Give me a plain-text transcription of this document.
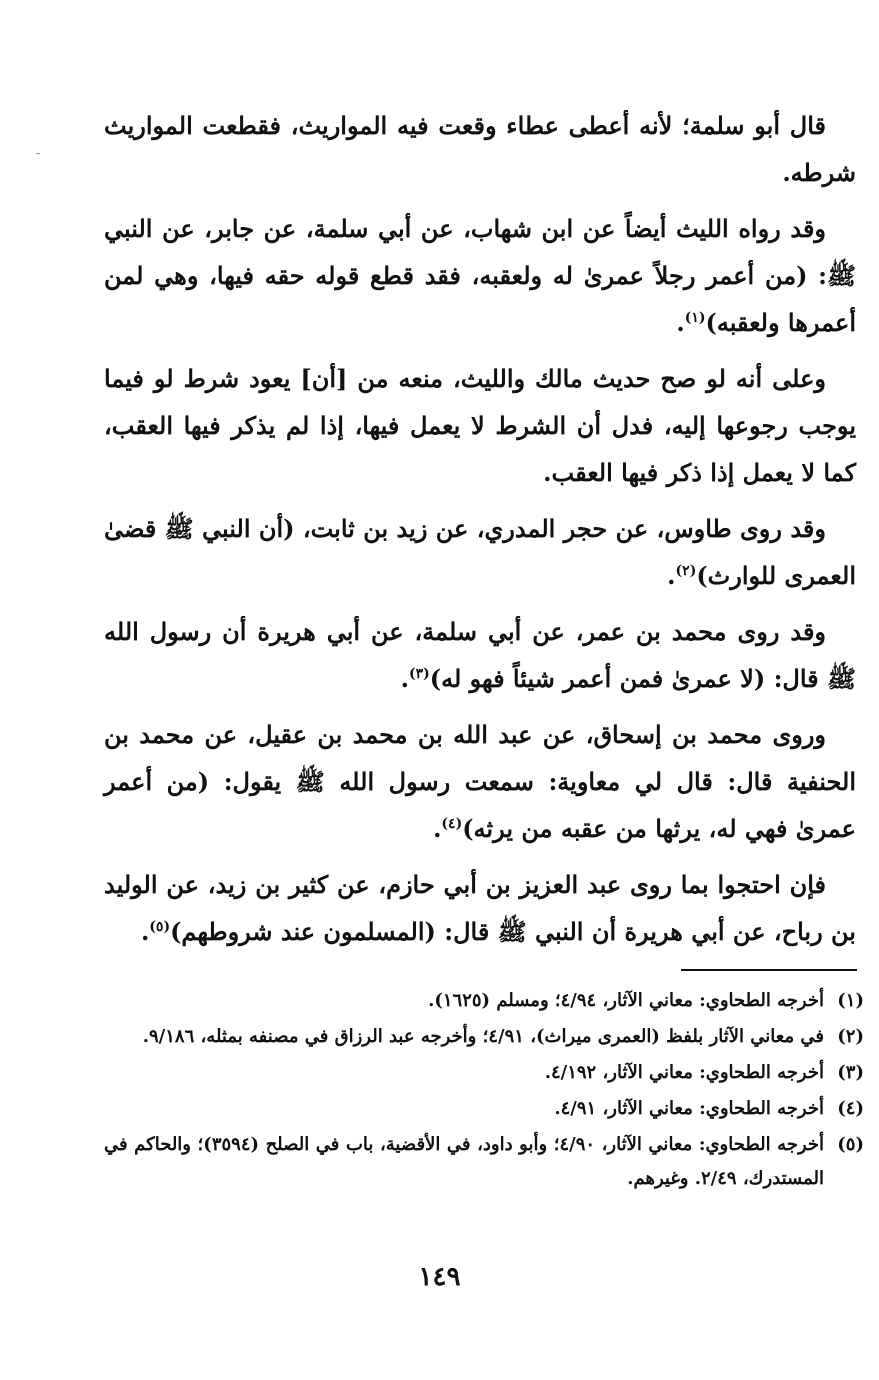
قال أبو سلمة؛ لأنه أعطى عطاء وقعت فيه المواريث، فقطعت المواريث شرطه.

وقد رواه الليث أيضاً عن ابن شهاب، عن أبي سلمة، عن جابر، عن النبي ﷺ: (من أعمر رجلاً عمرىٰ له ولعقبه، فقد قطع قوله حقه فيها، وهي لمن أعمرها ولعقبه)$^{(١)}$.

وعلى أنه لو صح حديث مالك والليث، منعه من [أن] يعود شرط لو فيما يوجب رجوعها إليه، فدل أن الشرط لا يعمل فيها، إذا لم يذكر فيها العقب، كما لا يعمل إذا ذكر فيها العقب.

وقد روى طاوس، عن حجر المدري، عن زيد بن ثابت، (أن النبي ﷺ قضىٰ العمرى للوارث)$^{(٢)}$.

وقد روى محمد بن عمر، عن أبي سلمة، عن أبي هريرة أن رسول الله ﷺ قال: (لا عمرىٰ فمن أعمر شيئاً فهو له)$^{(٣)}$.

وروى محمد بن إسحاق، عن عبد الله بن محمد بن عقيل، عن محمد بن الحنفية قال: قال لي معاوية: سمعت رسول الله ﷺ يقول: (من أعمر عمرىٰ فهي له، يرثها من عقبه من يرثه)$^{(٤)}$.

فإن احتجوا بما روى عبد العزيز بن أبي حازم، عن كثير بن زيد، عن الوليد بن رباح، عن أبي هريرة أن النبي ﷺ قال: (المسلمون عند شروطهم)$^{(٥)}$.

(١)
أخرجه الطحاوي: معاني الآثار، ٤/٩٤؛ ومسلم (١٦٢٥).
(٢)
في معاني الآثار بلفظ (العمرى ميراث)، ٤/٩١؛ وأخرجه عبد الرزاق في مصنفه بمثله، ٩/١٨٦.
(٣)
أخرجه الطحاوي: معاني الآثار، ٤/١٩٢.
(٤)
أخرجه الطحاوي: معاني الآثار، ٤/٩١.
(٥)
أخرجه الطحاوي: معاني الآثار، ٤/٩٠؛ وأبو داود، في الأقضية، باب في الصلح (٣٥٩٤)؛ والحاكم في المستدرك، ٢/٤٩. وغيرهم.
١٤٩
